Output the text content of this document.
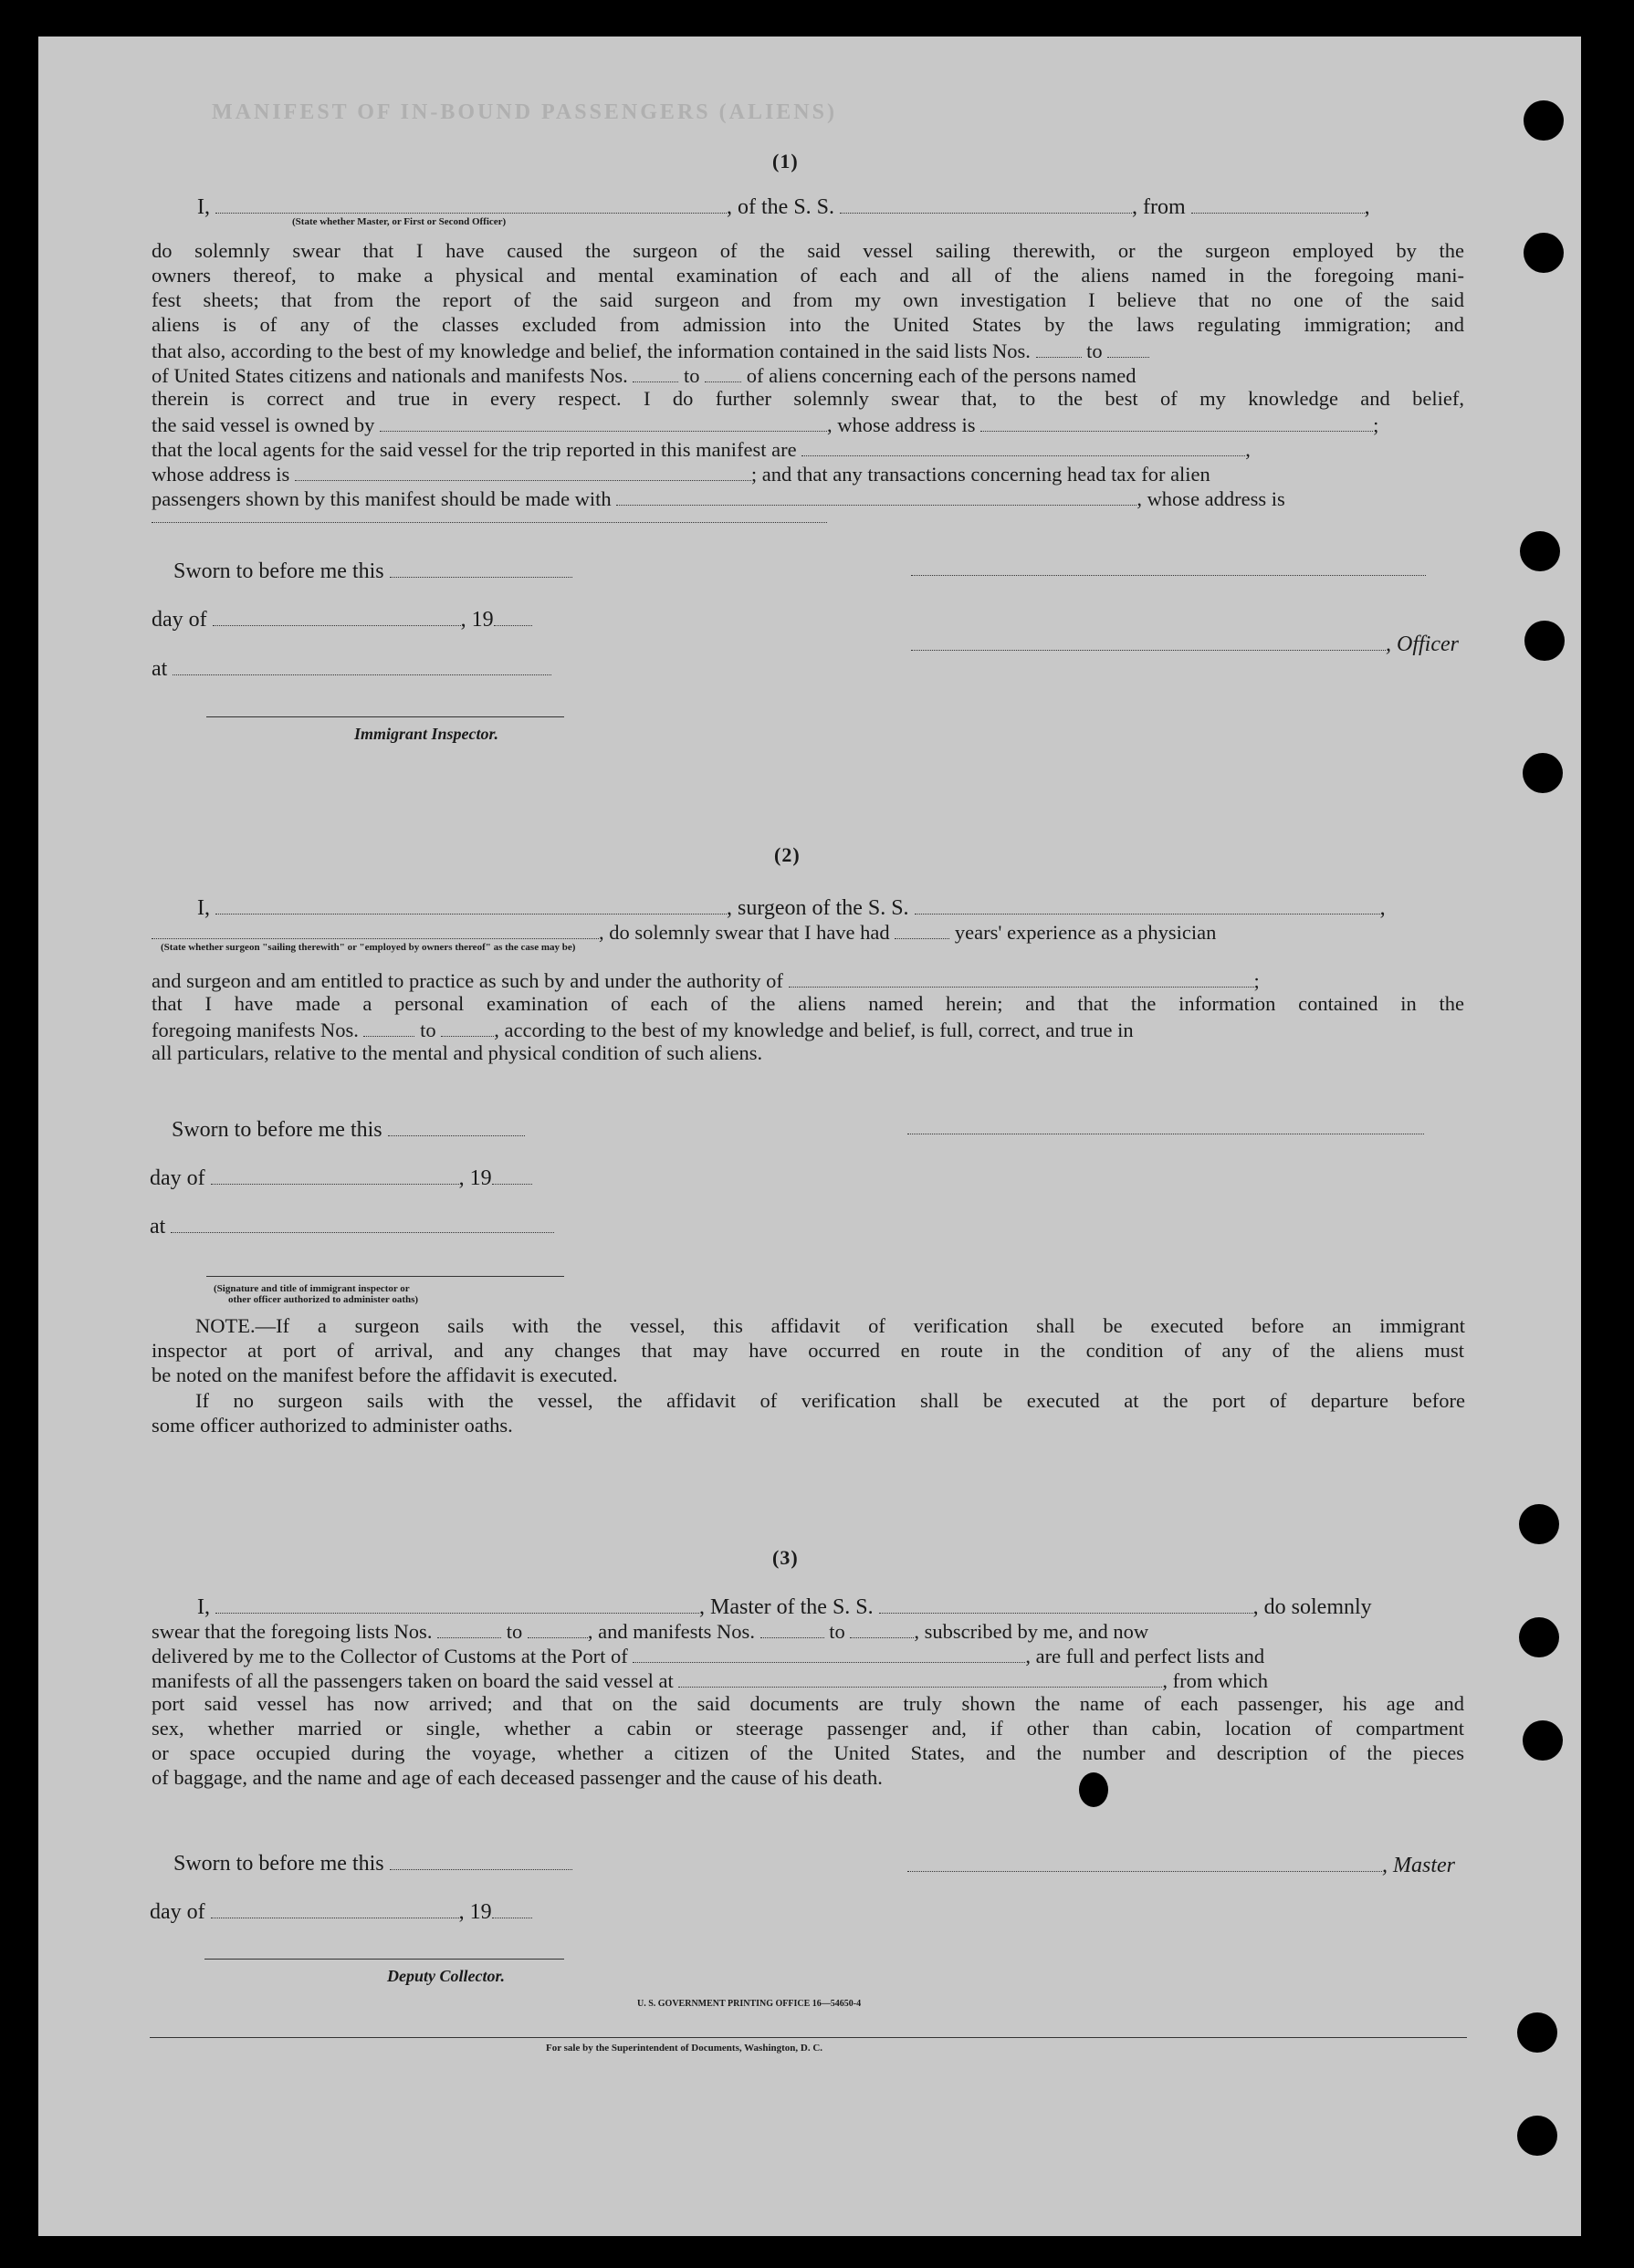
MANIFEST OF IN-BOUND PASSENGERS (ALIENS)
(1)
I,	, of the S. S.	, from	,
(State whether Master, or First or Second Officer)
do solemnly swear that I have caused the surgeon of the said vessel sailing therewith, or the surgeon employed by the
owners thereof, to make a physical and mental examination of each and all of the aliens named in the foregoing mani-
fest sheets; that from the report of the said surgeon and from my own investigation I believe that no one of the said
aliens is of any of the classes excluded from admission into the United States by the laws regulating immigration; and
that also, according to the best of my knowledge and belief, the information contained in the said lists Nos.	to
of United States citizens and nationals and manifests Nos.	to of aliens concerning each of the persons named
therein is correct and true in every respect. I do further solemnly swear that, to the best of my knowledge and belief,
the said vessel is owned by	, whose address is	;
that the local agents for the said vessel for the trip reported in this manifest are	,
whose address is	; and that any transactions concerning head tax for alien
passengers shown by this manifest should be made with	, whose address is
Sworn to before me this
day of	, 19
, Officer
at
Immigrant Inspector.
(2)
I,	, surgeon of the S. S.	,
, do solemnly swear that I have had	years' experience as a physician
(State whether surgeon "sailing therewith" or "employed by owners thereof" as the case may be)
and surgeon and am entitled to practice as such by and under the authority of	;
that I have made a personal examination of each of the aliens named herein; and that the information contained in the
foregoing manifests Nos.	to	, according to the best of my knowledge and belief, is full, correct, and true in
all particulars, relative to the mental and physical condition of such aliens.
Sworn to before me this
day of	, 19
at
(Signature and title of immigrant inspector or
other officer authorized to administer oaths)
NOTE.—If a surgeon sails with the vessel, this affidavit of verification shall be executed before an immigrant
inspector at port of arrival, and any changes that may have occurred en route in the condition of any of the aliens must
be noted on the manifest before the affidavit is executed.
If no surgeon sails with the vessel, the affidavit of verification shall be executed at the port of departure before
some officer authorized to administer oaths.
(3)
I,	, Master of the S. S.	, do solemnly
swear that the foregoing lists Nos.	to	, and manifests Nos.	to	, subscribed by me, and now
delivered by me to the Collector of Customs at the Port of	, are full and perfect lists and
manifests of all the passengers taken on board the said vessel at	, from which
port said vessel has now arrived; and that on the said documents are truly shown the name of each passenger, his age and
sex, whether married or single, whether a cabin or steerage passenger and, if other than cabin, location of compartment
or space occupied during the voyage, whether a citizen of the United States, and the number and description of the pieces
of baggage, and the name and age of each deceased passenger and the cause of his death.
Sworn to before me this	, Master
day of	, 19
Deputy Collector.
U. S. GOVERNMENT PRINTING OFFICE 16—54650-4
For sale by the Superintendent of Documents, Washington, D. C.
